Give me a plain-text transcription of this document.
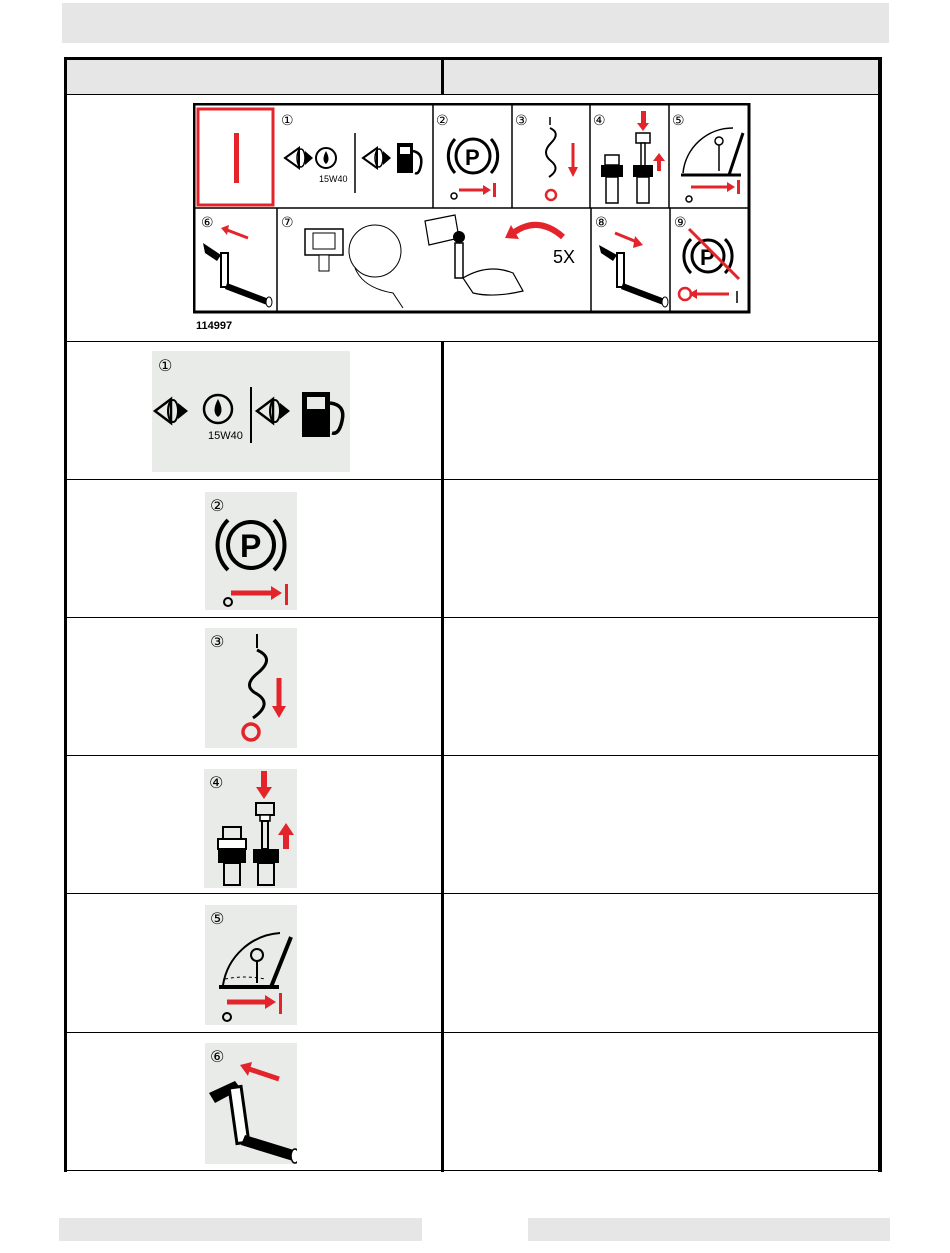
①
15W40
②
P
③	④	⑤
⑥	⑦
5X
⑧	⑨
P
114997
①
15W40
②
P
③
④
⑤
⑥
